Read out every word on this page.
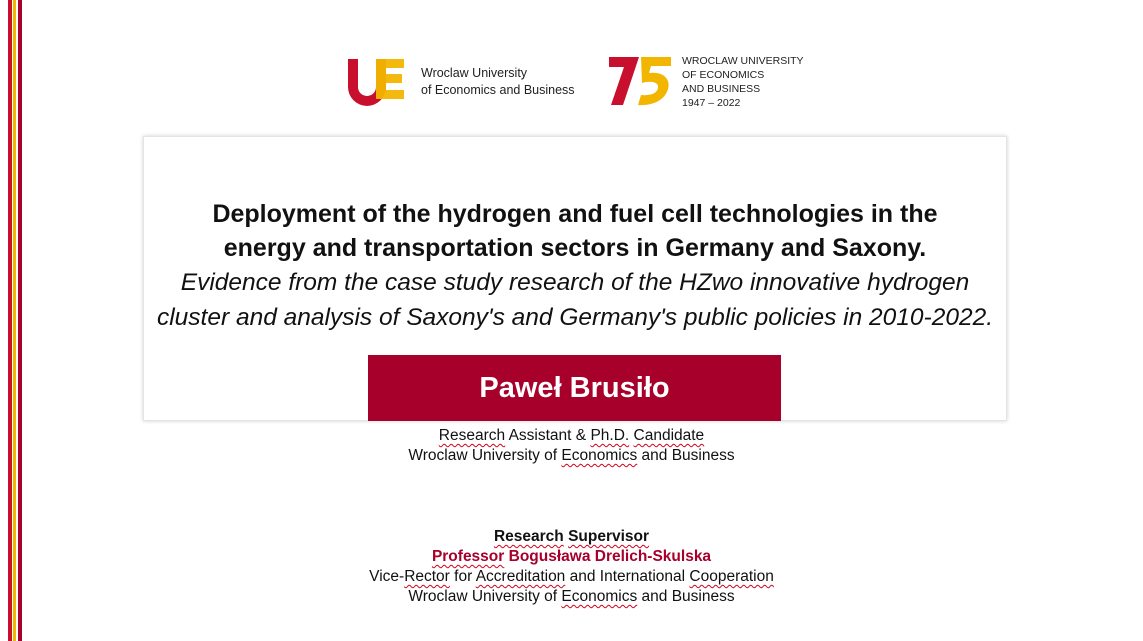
Wroclaw University
of Economics and Business
WROCLAW UNIVERSITY
OF ECONOMICS
AND BUSINESS
1947 – 2022
Deployment of the hydrogen and fuel cell technologies in the
energy and transportation sectors in Germany and Saxony.
Evidence from the case study research of the HZwo innovative hydrogen
cluster and analysis of Saxony's and Germany's public policies in 2010-2022.
Paweł Brusiło
Research Assistant & Ph.D. Candidate
Wroclaw University of Economics and Business
Research Supervisor
Professor Bogusława Drelich-Skulska
Vice-Rector for Accreditation and International Cooperation
Wroclaw University of Economics and Business
